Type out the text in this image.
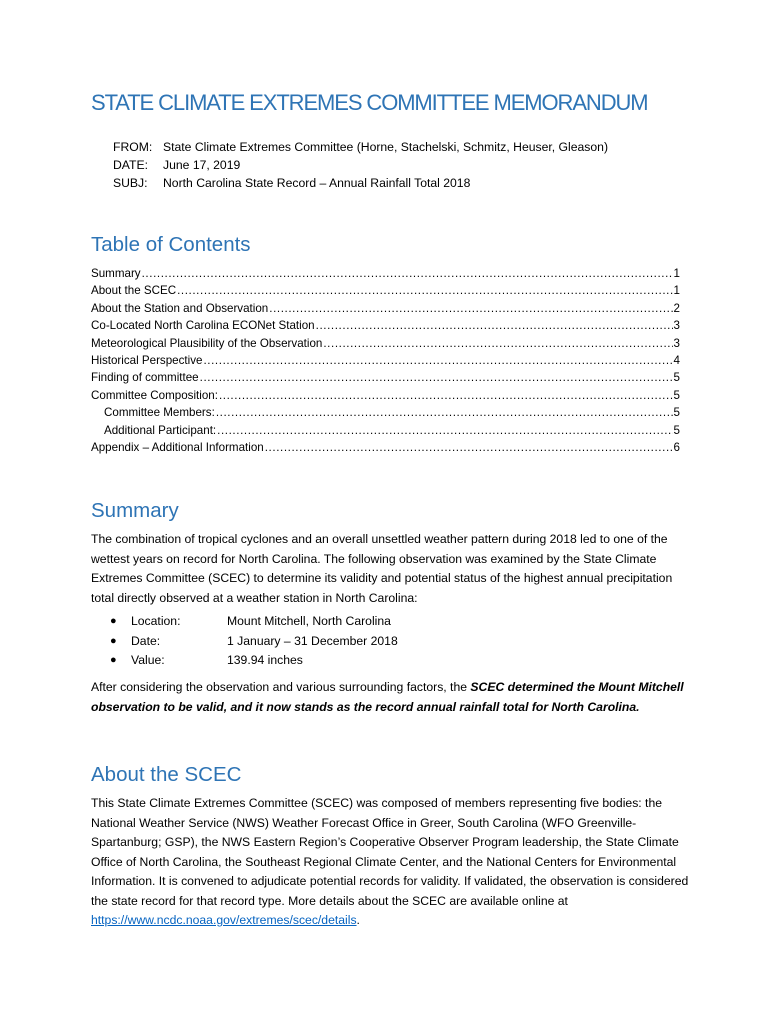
STATE CLIMATE EXTREMES COMMITTEE MEMORANDUM
FROM: State Climate Extremes Committee (Horne, Stachelski, Schmitz, Heuser, Gleason)
DATE:	June 17, 2019
SUBJ:	North Carolina State Record – Annual Rainfall Total 2018
Table of Contents
Summary .....	1
About the SCEC .....	1
About the Station and Observation .....	2
Co-Located North Carolina ECONet Station .....	3
Meteorological Plausibility of the Observation .....	3
Historical Perspective .....	4
Finding of committee .....	5
Committee Composition: .....	5
Committee Members: .....	5
Additional Participant: .....	5
Appendix – Additional Information .....	6
Summary

The combination of tropical cyclones and an overall unsettled weather pattern during 2018 led to one of the wettest years on record for North Carolina. The following observation was examined by the State Climate Extremes Committee (SCEC) to determine its validity and potential status of the highest annual precipitation total directly observed at a weather station in North Carolina:

●	Location:	Mount Mitchell, North Carolina
●	Date:	1 January – 31 December 2018
●	Value:	139.94 inches

After considering the observation and various surrounding factors, the SCEC determined the Mount Mitchell observation to be valid, and it now stands as the record annual rainfall total for North Carolina.

About the SCEC

This State Climate Extremes Committee (SCEC) was composed of members representing five bodies: the National Weather Service (NWS) Weather Forecast Office in Greer, South Carolina (WFO Greenville-Spartanburg; GSP), the NWS Eastern Region’s Cooperative Observer Program leadership, the State Climate Office of North Carolina, the Southeast Regional Climate Center, and the National Centers for Environmental Information. It is convened to adjudicate potential records for validity. If validated, the observation is considered the state record for that record type. More details about the SCEC are available online at https://www.ncdc.noaa.gov/extremes/scec/details.
